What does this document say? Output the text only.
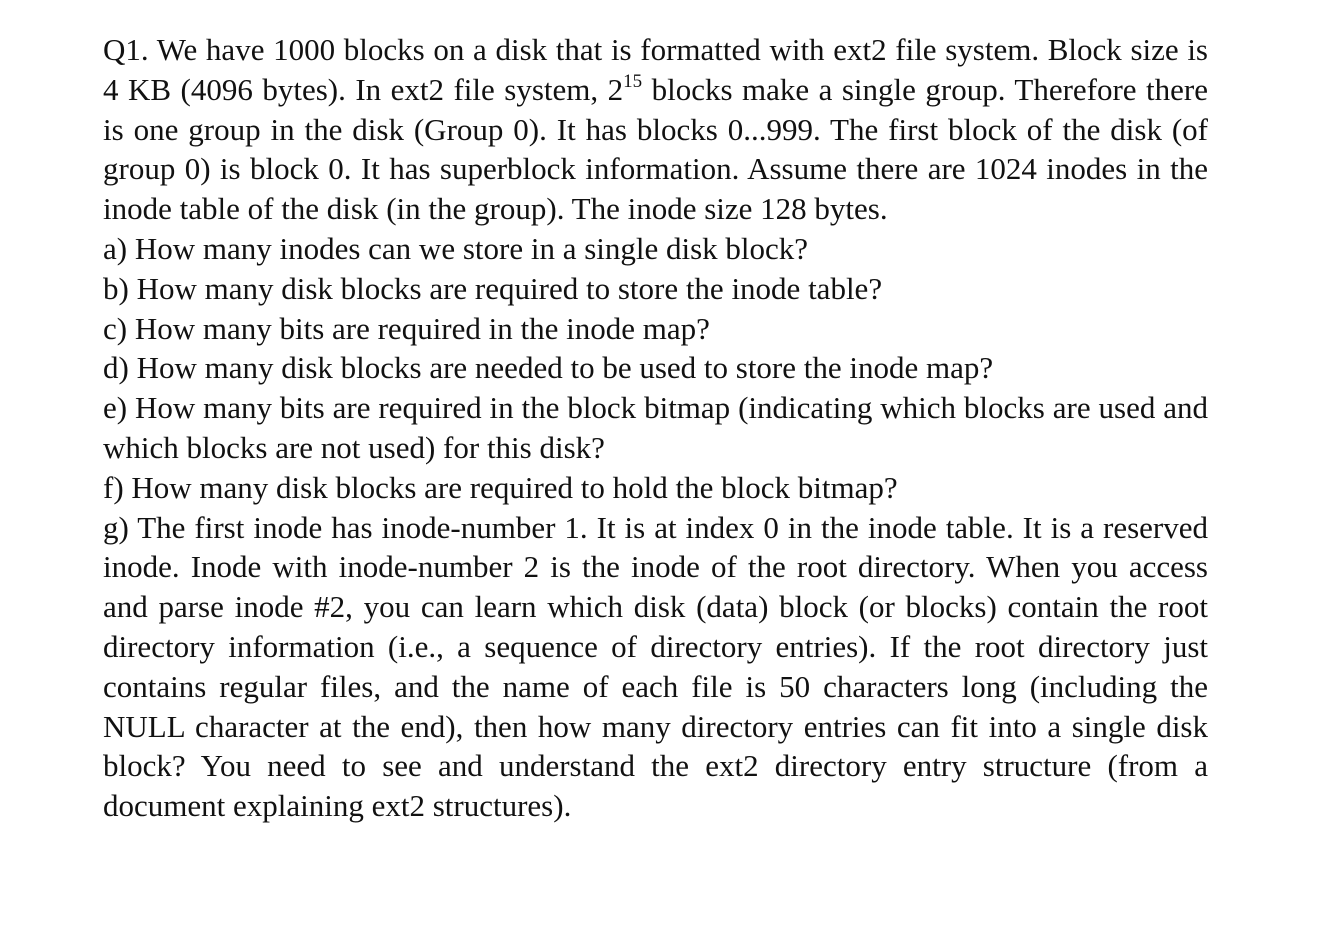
Q1. We have 1000 blocks on a disk that is formatted with ext2 file system. Block size is 4 KB (4096 bytes). In ext2 file system, $2^{15}$ blocks make a single group. Therefore there is one group in the disk (Group 0). It has blocks 0...999. The first block of the disk (of group 0) is block 0. It has superblock information. Assume there are 1024 inodes in the inode table of the disk (in the group). The inode size 128 bytes.

a) How many inodes can we store in a single disk block?

b) How many disk blocks are required to store the inode table?

c) How many bits are required in the inode map?

d) How many disk blocks are needed to be used to store the inode map?

e) How many bits are required in the block bitmap (indicating which blocks are used and which blocks are not used) for this disk?

f) How many disk blocks are required to hold the block bitmap?

g) The first inode has inode-number 1. It is at index 0 in the inode table. It is a reserved inode. Inode with inode-number 2 is the inode of the root directory. When you access and parse inode #2, you can learn which disk (data) block (or blocks) contain the root directory information (i.e., a sequence of directory entries). If the root directory just contains regular files, and the name of each file is 50 characters long (including the NULL character at the end), then how many directory entries can fit into a single disk block? You need to see and understand the ext2 directory entry structure (from a document explaining ext2 structures).
